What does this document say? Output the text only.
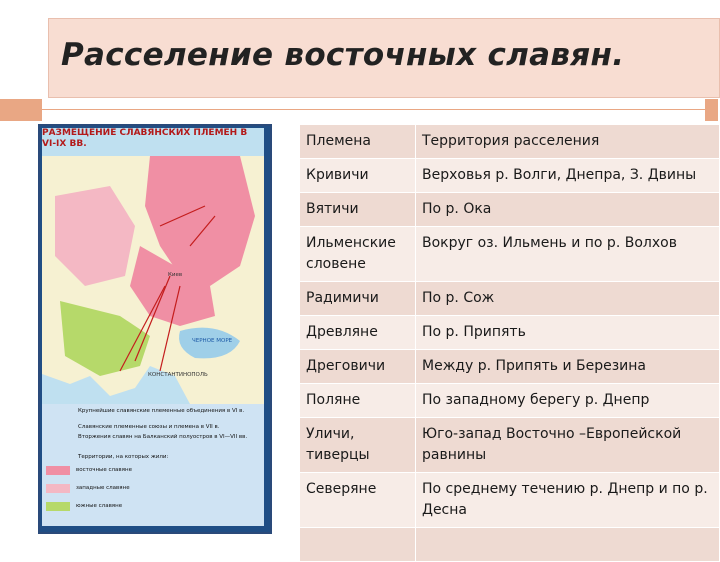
Расселение восточных славян.
РАЗМЕЩЕНИЕ СЛАВЯНСКИХ ПЛЕМЕН В VI-IX ВВ.
ЧЕРНОЕ МОРЕ
КОНСТАНТИНОПОЛЬ
Киев
Крупнейшие славянские племенные объединения в VI в.
Славянские племенные союзы и племена в VII в.
Вторжения славян на Балканский полуостров в VI—VII вв.
Территории, на которых жили:
восточные славяне
западные славяне
южные славяне
Племена	Территория расселения
Кривичи	Верховья р. Волги, Днепра, З. Двины
Вятичи	По р. Ока
Ильменские словене	Вокруг оз. Ильмень и по р. Волхов
Радимичи	По р. Сож
Древляне	По р. Припять
Дреговичи	Между р. Припять и Березина
Поляне	По западному берегу р. Днепр
Уличи, тиверцы	Юго-запад Восточно –Европейской равнины
Северяне	По среднему течению р. Днепр и по р. Десна
